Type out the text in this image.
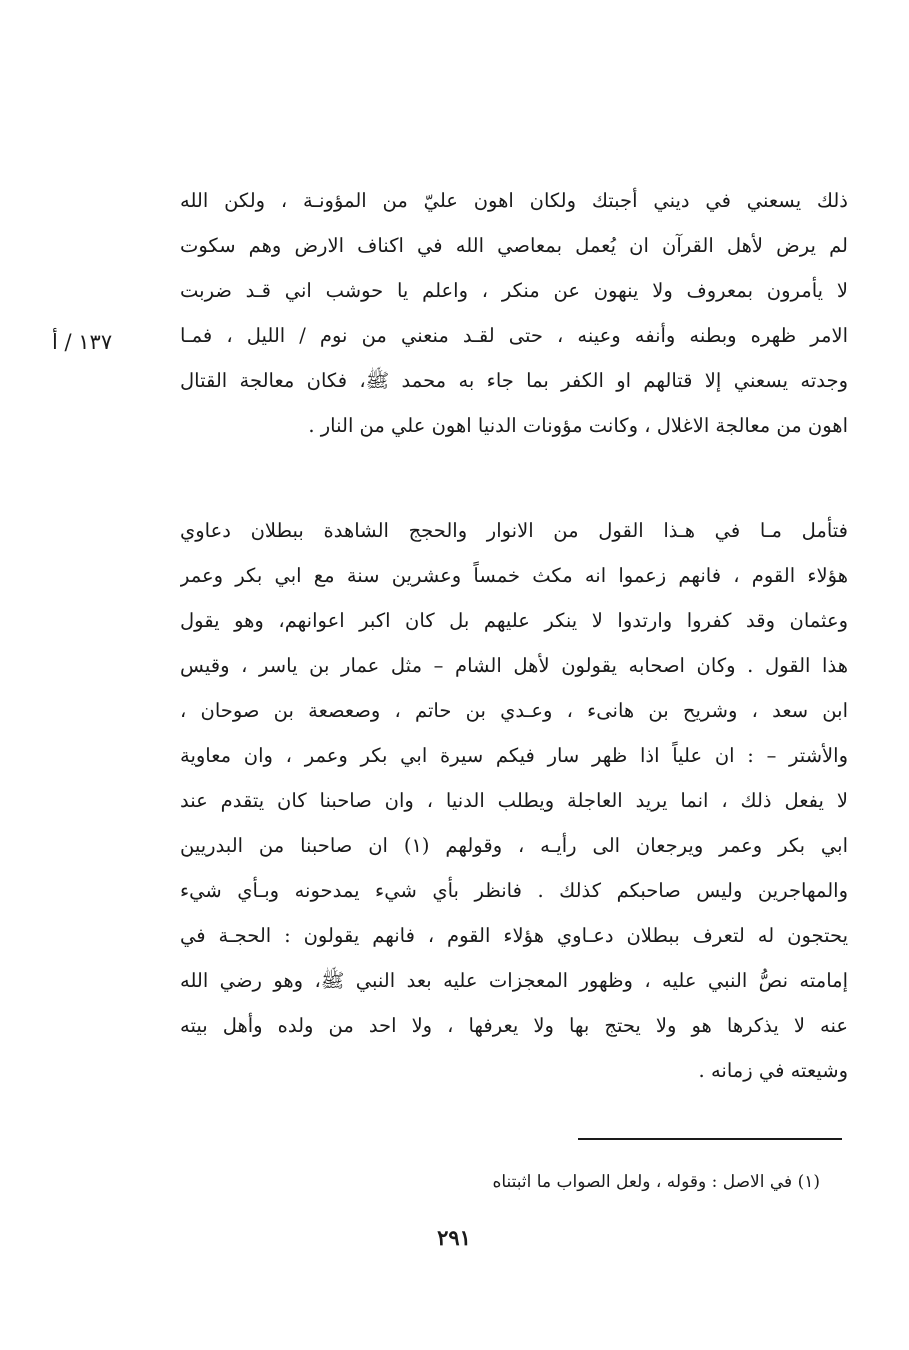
١٣٧ / أ
ذلك يسعني في ديني أجبتك ولكان اهون عليّ من المؤونـة ، ولكن الله
لم يرض لأهل القرآن ان يُعمل بمعاصي الله في اكناف الارض وهم سكوت
لا يأمرون بمعروف ولا ينهون عن منكر ، واعلم يا حوشب اني قـد ضربت
الامر ظهره وبطنه وأنفه وعينه ، حتى لقـد منعني من نوم / الليل ، فمـا
وجدته يسعني إلا قتالهم او الكفر بما جاء به محمد ﷺ، فكان معالجة القتال
اهون من معالجة الاغلال ، وكانت مؤونات الدنيا اهون علي من النار .
فتأمل مـا في هـذا القول من الانوار والحجج الشاهدة ببطلان دعاوي
هؤلاء القوم ، فانهم زعموا انه مكث خمساً وعشرين سنة مع ابي بكر وعمر
وعثمان وقد كفروا وارتدوا لا ينكر عليهم بل كان اكبر اعوانهم، وهو يقول
هذا القول . وكان اصحابه يقولون لأهل الشام – مثل عمار بن ياسر ، وقيس
ابن سعد ، وشريح بن هانىء ، وعـدي بن حاتم ، وصعصعة بن صوحان ،
والأشتر – : ان علياً اذا ظهر سار فيكم سيرة ابي بكر وعمر ، وان معاوية
لا يفعل ذلك ، انما يريد العاجلة ويطلب الدنيا ، وان صاحبنا كان يتقدم عند
ابي بكر وعمر ويرجعان الى رأيـه ، وقولهم (١) ان صاحبنا من البدريين
والمهاجرين وليس صاحبكم كذلك . فانظر بأي شيء يمدحونه وبـأي شيء
يحتجون له لتعرف ببطلان دعـاوي هؤلاء القوم ، فانهم يقولون : الحجـة في
إمامته نصُّ النبي عليه ، وظهور المعجزات عليه بعد النبي ﷺ، وهو رضي الله
عنه لا يذكرها هو ولا يحتج بها ولا يعرفها ، ولا احد من ولده وأهل بيته
وشيعته في زمانه .
(١) في الاصل : وقوله ، ولعل الصواب ما اثبتناه
٢٩١
